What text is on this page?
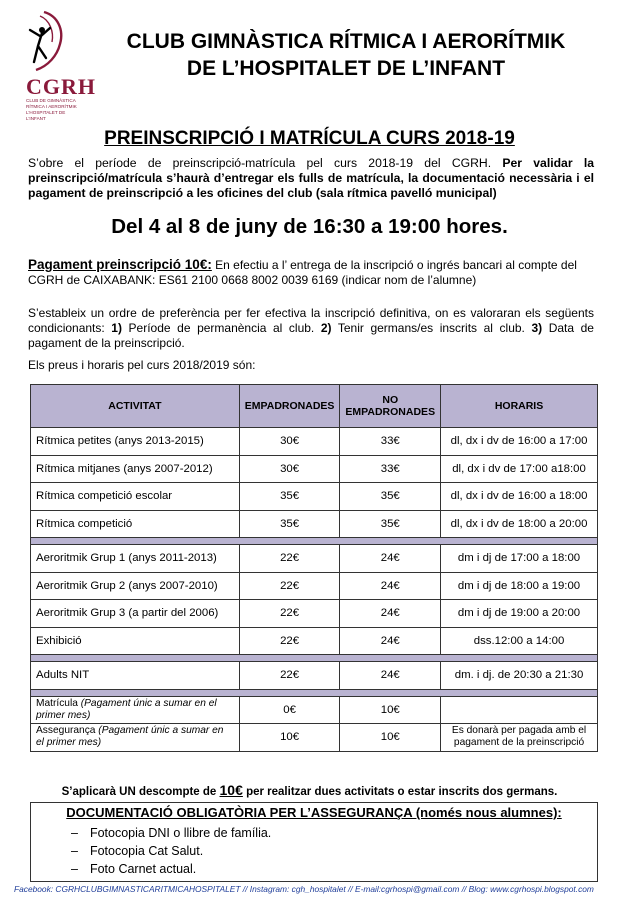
CGRH
CLUB DE GIMNÀSTICA
RÍTMICA I AERORÍTMIK
L'HOSPITALET DE L'INFANT
CLUB GIMNÀSTICA RÍTMICA I AERORÍTMIK
DE L’HOSPITALET DE L’INFANT
PREINSCRIPCIÓ I MATRÍCULA CURS 2018-19
S’obre el període de preinscripció-matrícula pel curs 2018-19 del CGRH. Per validar la preinscripció/matrícula s’haurà d’entregar els fulls de matrícula, la documentació necessària i el pagament de preinscripció a les oficines del club (sala rítmica pavelló municipal)
Del 4 al 8 de juny de 16:30 a 19:00 hores.
Pagament preinscripció 10€: En efectiu a l’ entrega de la inscripció o ingrés bancari al compte del CGRH de CAIXABANK: ES61 2100 0668 8002 0039 6169 (indicar nom de l’alumne)
S’estableix un ordre de preferència per fer efectiva la inscripció definitiva, on es valoraran els següents condicionants: 1) Període de permanència al club. 2) Tenir germans/es inscrits al club. 3) Data de pagament de la preinscripció.
Els preus i horaris pel curs 2018/2019 són:
ACTIVITAT	EMPADRONADES	NO EMPADRONADES	HORARIS
Rítmica petites (anys 2013-2015)	30€	33€	dl, dx i dv de 16:00 a 17:00
Rítmica mitjanes (anys 2007-2012)	30€	33€	dl, dx i dv de 17:00 a18:00
Rítmica competició escolar	35€	35€	dl, dx i dv de 16:00 a 18:00
Rítmica competició	35€	35€	dl, dx i dv de 18:00 a 20:00

Aeroritmik Grup 1 (anys 2011-2013)	22€	24€	dm i dj de 17:00 a 18:00
Aeroritmik Grup 2 (anys 2007-2010)	22€	24€	dm i dj de 18:00 a 19:00
Aeroritmik Grup 3 (a partir del 2006)	22€	24€	dm i dj de 19:00 a 20:00
Exhibició	22€	24€	dss.12:00 a 14:00

Adults NIT	22€	24€	dm. i dj. de 20:30 a 21:30

Matrícula (Pagament únic a sumar en el primer mes)	0€	10€	
Assegurança (Pagament únic a sumar en el primer mes)	10€	10€	Es donarà per pagada amb el pagament de la preinscripció
S’aplicarà UN descompte de 10€ per realitzar dues activitats o estar inscrits dos germans.
DOCUMENTACIÓ OBLIGATÒRIA PER L’ASSEGURANÇA (només nous alumnes):
– Fotocopia DNI o llibre de família.
– Fotocopia Cat Salut.
– Foto Carnet actual.
Facebook: CGRHCLUBGIMNASTICARITMICAHOSPITALET // Instagram: cgh_hospitalet // E-mail:cgrhospi@gmail.com // Blog: www.cgrhospi.blogspot.com
